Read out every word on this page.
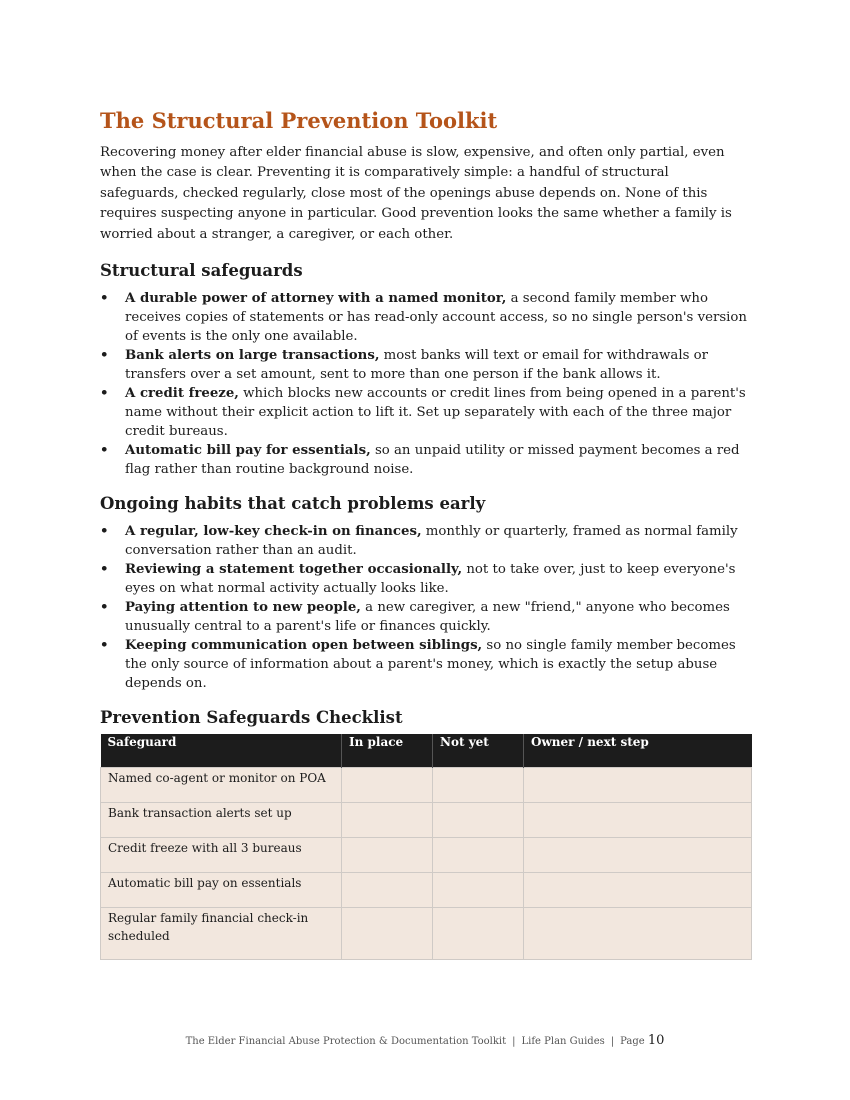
The Structural Prevention Toolkit

Recovering money after elder financial abuse is slow, expensive, and often only partial, even when the case is clear. Preventing it is comparatively simple: a handful of structural safeguards, checked regularly, close most of the openings abuse depends on. None of this requires suspecting anyone in particular. Good prevention looks the same whether a family is worried about a stranger, a caregiver, or each other.

Structural safeguards
• A durable power of attorney with a named monitor, a second family member who receives copies of statements or has read-only account access, so no single person's version of events is the only one available.
• Bank alerts on large transactions, most banks will text or email for withdrawals or transfers over a set amount, sent to more than one person if the bank allows it.
• A credit freeze, which blocks new accounts or credit lines from being opened in a parent's name without their explicit action to lift it. Set up separately with each of the three major credit bureaus.
• Automatic bill pay for essentials, so an unpaid utility or missed payment becomes a red flag rather than routine background noise.
Ongoing habits that catch problems early
• A regular, low-key check-in on finances, monthly or quarterly, framed as normal family conversation rather than an audit.
• Reviewing a statement together occasionally, not to take over, just to keep everyone's eyes on what normal activity actually looks like.
• Paying attention to new people, a new caregiver, a new "friend," anyone who becomes unusually central to a parent's life or finances quickly.
• Keeping communication open between siblings, so no single family member becomes the only source of information about a parent's money, which is exactly the setup abuse depends on.
Prevention Safeguards Checklist
Safeguard	In place	Not yet	Owner / next step
Named co-agent or monitor on POA			
Bank transaction alerts set up			
Credit freeze with all 3 bureaus			
Automatic bill pay on essentials			
Regular family financial check-in scheduled			
The Elder Financial Abuse Protection & Documentation Toolkit | Life Plan Guides | Page 10
